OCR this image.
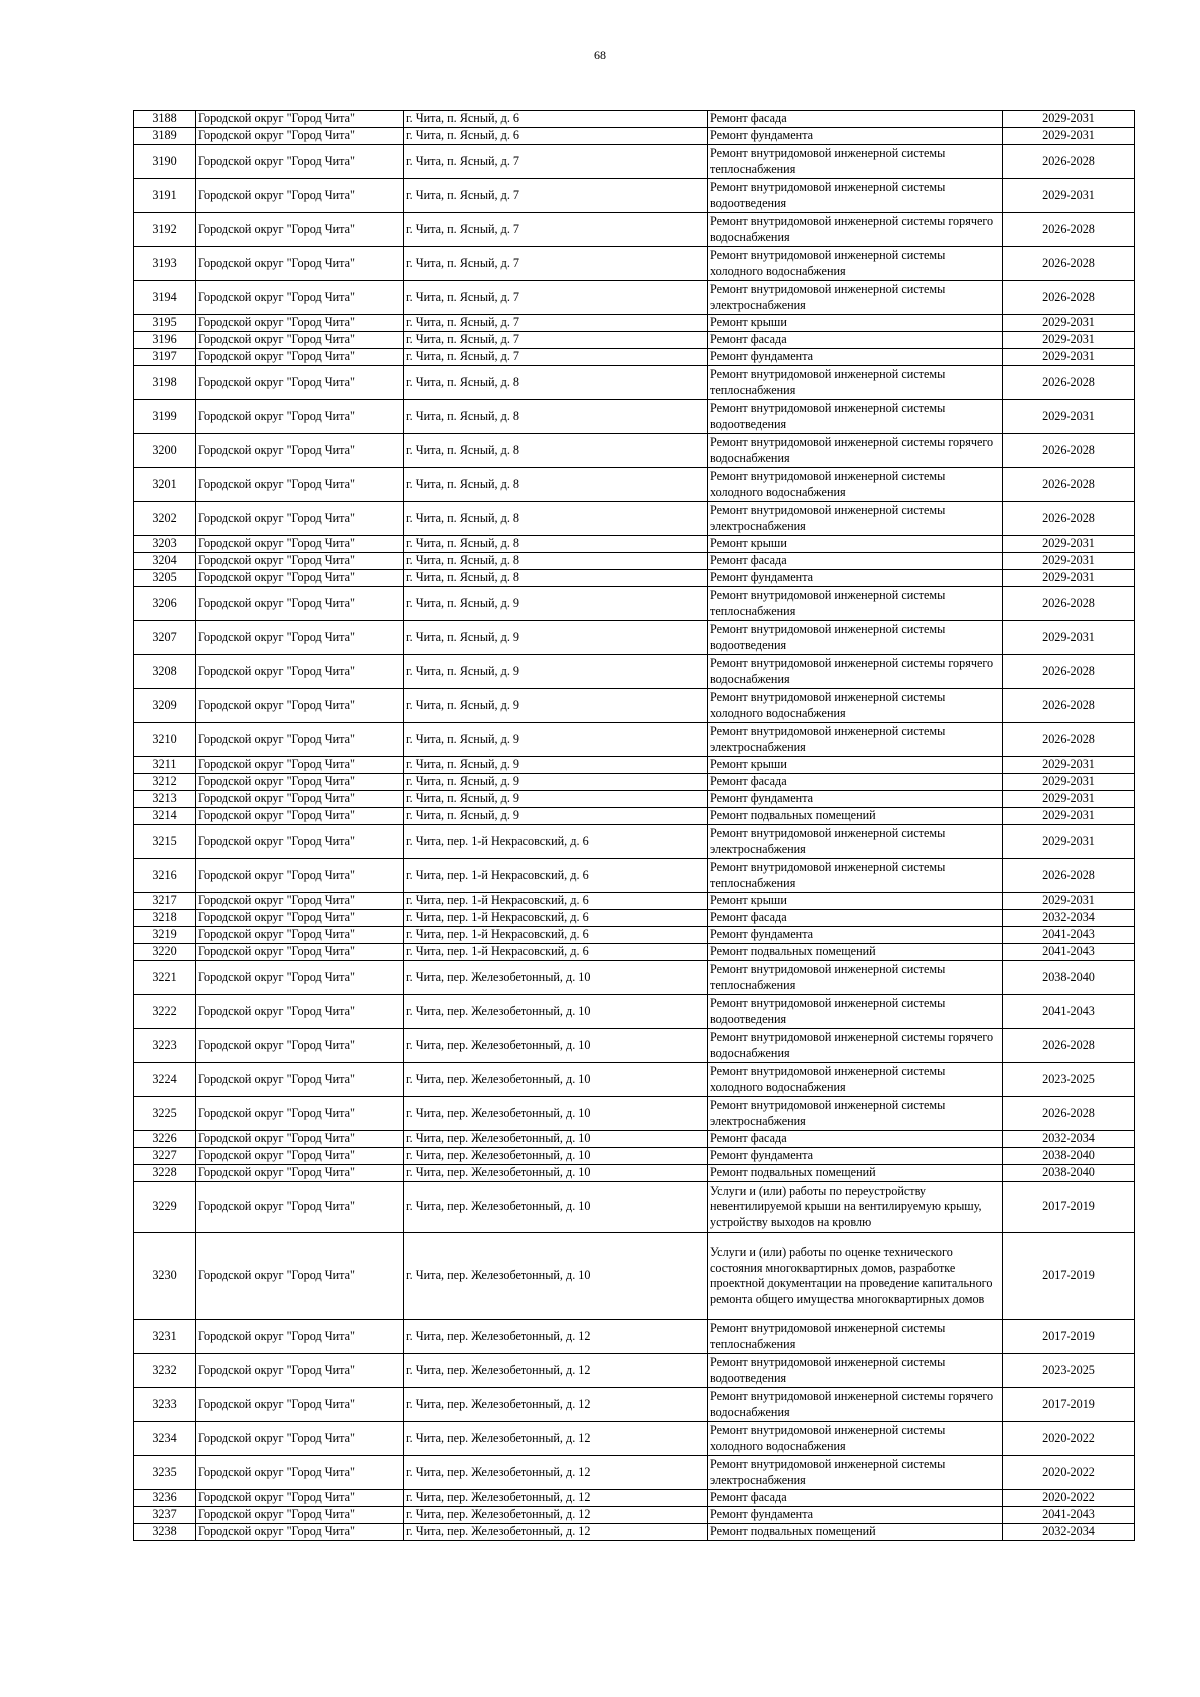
68
3188	Городской округ "Город Чита"	г. Чита, п. Ясный, д. 6	Ремонт фасада	2029-2031
3189	Городской округ "Город Чита"	г. Чита, п. Ясный, д. 6	Ремонт фундамента	2029-2031
3190	Городской округ "Город Чита"	г. Чита, п. Ясный, д. 7	Ремонт внутридомовой инженерной системы теплоснабжения	2026-2028
3191	Городской округ "Город Чита"	г. Чита, п. Ясный, д. 7	Ремонт внутридомовой инженерной системы водоотведения	2029-2031
3192	Городской округ "Город Чита"	г. Чита, п. Ясный, д. 7	Ремонт внутридомовой инженерной системы горячего водоснабжения	2026-2028
3193	Городской округ "Город Чита"	г. Чита, п. Ясный, д. 7	Ремонт внутридомовой инженерной системы холодного водоснабжения	2026-2028
3194	Городской округ "Город Чита"	г. Чита, п. Ясный, д. 7	Ремонт внутридомовой инженерной системы электроснабжения	2026-2028
3195	Городской округ "Город Чита"	г. Чита, п. Ясный, д. 7	Ремонт крыши	2029-2031
3196	Городской округ "Город Чита"	г. Чита, п. Ясный, д. 7	Ремонт фасада	2029-2031
3197	Городской округ "Город Чита"	г. Чита, п. Ясный, д. 7	Ремонт фундамента	2029-2031
3198	Городской округ "Город Чита"	г. Чита, п. Ясный, д. 8	Ремонт внутридомовой инженерной системы теплоснабжения	2026-2028
3199	Городской округ "Город Чита"	г. Чита, п. Ясный, д. 8	Ремонт внутридомовой инженерной системы водоотведения	2029-2031
3200	Городской округ "Город Чита"	г. Чита, п. Ясный, д. 8	Ремонт внутридомовой инженерной системы горячего водоснабжения	2026-2028
3201	Городской округ "Город Чита"	г. Чита, п. Ясный, д. 8	Ремонт внутридомовой инженерной системы холодного водоснабжения	2026-2028
3202	Городской округ "Город Чита"	г. Чита, п. Ясный, д. 8	Ремонт внутридомовой инженерной системы электроснабжения	2026-2028
3203	Городской округ "Город Чита"	г. Чита, п. Ясный, д. 8	Ремонт крыши	2029-2031
3204	Городской округ "Город Чита"	г. Чита, п. Ясный, д. 8	Ремонт фасада	2029-2031
3205	Городской округ "Город Чита"	г. Чита, п. Ясный, д. 8	Ремонт фундамента	2029-2031
3206	Городской округ "Город Чита"	г. Чита, п. Ясный, д. 9	Ремонт внутридомовой инженерной системы теплоснабжения	2026-2028
3207	Городской округ "Город Чита"	г. Чита, п. Ясный, д. 9	Ремонт внутридомовой инженерной системы водоотведения	2029-2031
3208	Городской округ "Город Чита"	г. Чита, п. Ясный, д. 9	Ремонт внутридомовой инженерной системы горячего водоснабжения	2026-2028
3209	Городской округ "Город Чита"	г. Чита, п. Ясный, д. 9	Ремонт внутридомовой инженерной системы холодного водоснабжения	2026-2028
3210	Городской округ "Город Чита"	г. Чита, п. Ясный, д. 9	Ремонт внутридомовой инженерной системы электроснабжения	2026-2028
3211	Городской округ "Город Чита"	г. Чита, п. Ясный, д. 9	Ремонт крыши	2029-2031
3212	Городской округ "Город Чита"	г. Чита, п. Ясный, д. 9	Ремонт фасада	2029-2031
3213	Городской округ "Город Чита"	г. Чита, п. Ясный, д. 9	Ремонт фундамента	2029-2031
3214	Городской округ "Город Чита"	г. Чита, п. Ясный, д. 9	Ремонт подвальных помещений	2029-2031
3215	Городской округ "Город Чита"	г. Чита, пер. 1-й Некрасовский, д. 6	Ремонт внутридомовой инженерной системы электроснабжения	2029-2031
3216	Городской округ "Город Чита"	г. Чита, пер. 1-й Некрасовский, д. 6	Ремонт внутридомовой инженерной системы теплоснабжения	2026-2028
3217	Городской округ "Город Чита"	г. Чита, пер. 1-й Некрасовский, д. 6	Ремонт крыши	2029-2031
3218	Городской округ "Город Чита"	г. Чита, пер. 1-й Некрасовский, д. 6	Ремонт фасада	2032-2034
3219	Городской округ "Город Чита"	г. Чита, пер. 1-й Некрасовский, д. 6	Ремонт фундамента	2041-2043
3220	Городской округ "Город Чита"	г. Чита, пер. 1-й Некрасовский, д. 6	Ремонт подвальных помещений	2041-2043
3221	Городской округ "Город Чита"	г. Чита, пер. Железобетонный, д. 10	Ремонт внутридомовой инженерной системы теплоснабжения	2038-2040
3222	Городской округ "Город Чита"	г. Чита, пер. Железобетонный, д. 10	Ремонт внутридомовой инженерной системы водоотведения	2041-2043
3223	Городской округ "Город Чита"	г. Чита, пер. Железобетонный, д. 10	Ремонт внутридомовой инженерной системы горячего водоснабжения	2026-2028
3224	Городской округ "Город Чита"	г. Чита, пер. Железобетонный, д. 10	Ремонт внутридомовой инженерной системы холодного водоснабжения	2023-2025
3225	Городской округ "Город Чита"	г. Чита, пер. Железобетонный, д. 10	Ремонт внутридомовой инженерной системы электроснабжения	2026-2028
3226	Городской округ "Город Чита"	г. Чита, пер. Железобетонный, д. 10	Ремонт фасада	2032-2034
3227	Городской округ "Город Чита"	г. Чита, пер. Железобетонный, д. 10	Ремонт фундамента	2038-2040
3228	Городской округ "Город Чита"	г. Чита, пер. Железобетонный, д. 10	Ремонт подвальных помещений	2038-2040
3229	Городской округ "Город Чита"	г. Чита, пер. Железобетонный, д. 10	Услуги и (или) работы по переустройству невентилируемой крыши на вентилируемую крышу, устройству выходов на кровлю	2017-2019
3230	Городской округ "Город Чита"	г. Чита, пер. Железобетонный, д. 10	Услуги и (или) работы по оценке технического состояния многоквартирных домов, разработке проектной документации на проведение капитального ремонта общего имущества многоквартирных домов	2017-2019
3231	Городской округ "Город Чита"	г. Чита, пер. Железобетонный, д. 12	Ремонт внутридомовой инженерной системы теплоснабжения	2017-2019
3232	Городской округ "Город Чита"	г. Чита, пер. Железобетонный, д. 12	Ремонт внутридомовой инженерной системы водоотведения	2023-2025
3233	Городской округ "Город Чита"	г. Чита, пер. Железобетонный, д. 12	Ремонт внутридомовой инженерной системы горячего водоснабжения	2017-2019
3234	Городской округ "Город Чита"	г. Чита, пер. Железобетонный, д. 12	Ремонт внутридомовой инженерной системы холодного водоснабжения	2020-2022
3235	Городской округ "Город Чита"	г. Чита, пер. Железобетонный, д. 12	Ремонт внутридомовой инженерной системы электроснабжения	2020-2022
3236	Городской округ "Город Чита"	г. Чита, пер. Железобетонный, д. 12	Ремонт фасада	2020-2022
3237	Городской округ "Город Чита"	г. Чита, пер. Железобетонный, д. 12	Ремонт фундамента	2041-2043
3238	Городской округ "Город Чита"	г. Чита, пер. Железобетонный, д. 12	Ремонт подвальных помещений	2032-2034
